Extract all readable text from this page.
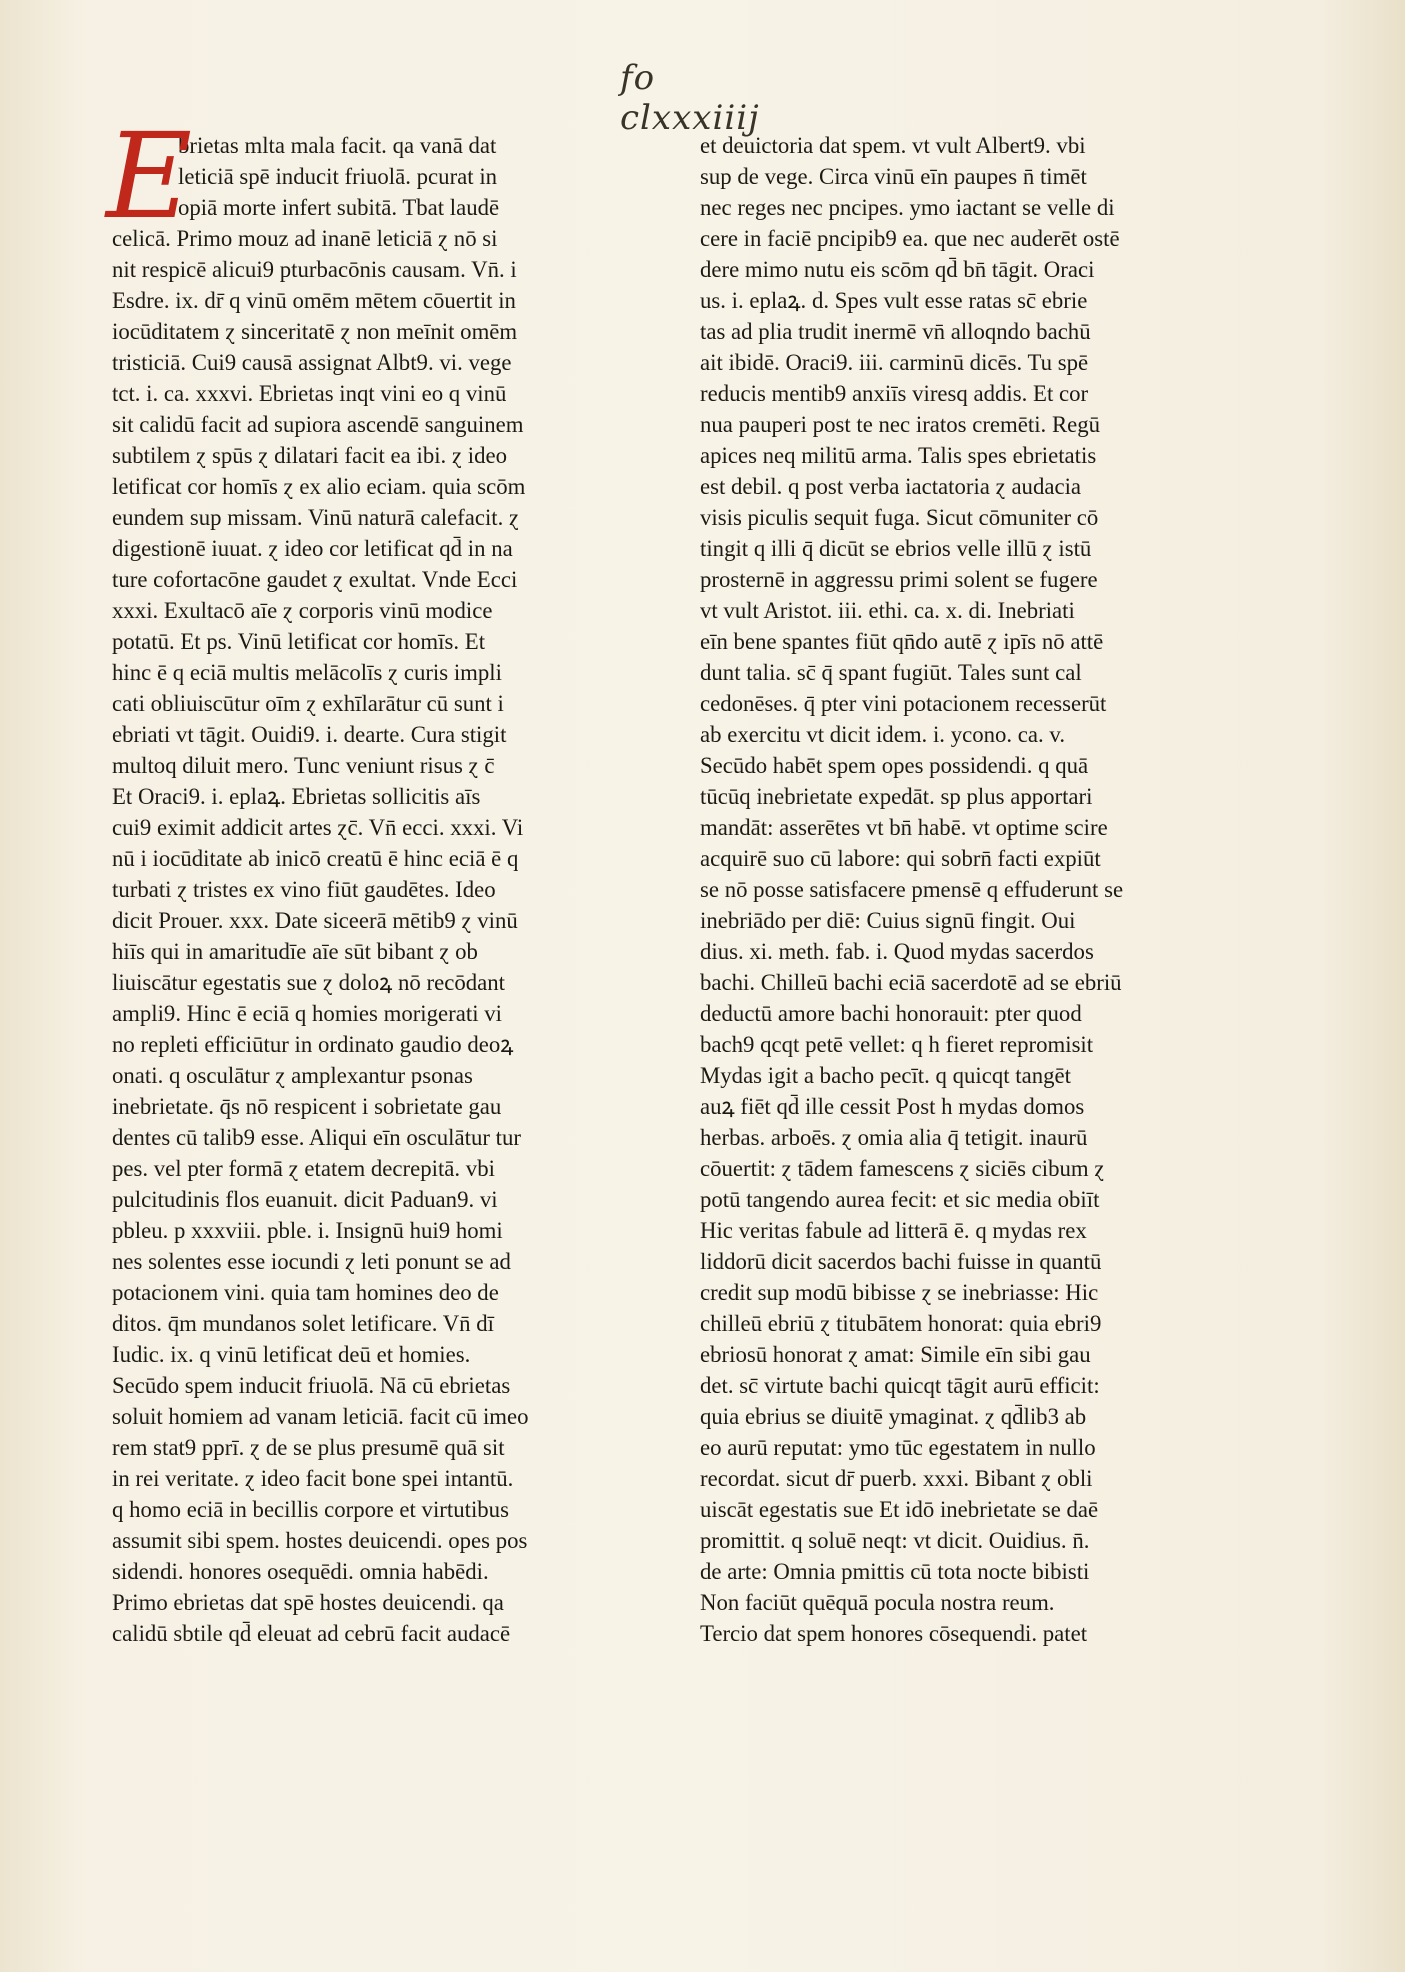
fo clxxxiiij
E
brietas mlta mala facit. qa vanā dat
leticiā spē inducit friuolā. pcurat in
opiā morte infert subitā. Tbat laudē
celicā. Primo mouz ad inanē leticiā ɀ nō si
nit respicē alicui9 pturbacōnis causam. Vn̄. i
Esdre. ix. dr̄ q vinū omēm mētem cōuertit in
iocūditatem ɀ sinceritatē ɀ non meīnit omēm
tristiciā. Cui9 causā assignat Albt9. vi. vege
tct. i. ca. xxxvi. Ebrietas inqt vini eo q vinū
sit calidū facit ad supiora ascendē sanguinem
subtilem ɀ spūs ɀ dilatari facit ea ibi. ɀ ideo
letificat cor homīs ɀ ex alio eciam. quia scōm
eundem sup missam. Vinū naturā calefacit. ɀ
digestionē iuuat. ɀ ideo cor letificat qd̄ in na
ture cofortacōne gaudet ɀ exultat. Vnde Ecci
xxxi. Exultacō aīe ɀ corporis vinū modice
potatū. Et ps. Vinū letificat cor homīs. Et
hinc ē q eciā multis melācolīs ɀ curis impli
cati obliuiscūtur oīm ɀ exhīlarātur cū sunt i
ebriati vt tāgit. Ouidi9. i. dearte. Cura stigit
multoq diluit mero. Tunc veniunt risus ɀ c̄
Et Oraci9. i. eplaꝝ. Ebrietas sollicitis aīs
cui9 eximit addicit artes ɀc̄. Vn̄ ecci. xxxi. Vi
nū i iocūditate ab inicō creatū ē hinc eciā ē q
turbati ɀ tristes ex vino fiūt gaudētes. Ideo
dicit Prouer. xxx. Date siceerā mētib9 ɀ vinū
hiīs qui in amaritudīe aīe sūt bibant ɀ ob
liuiscātur egestatis sue ɀ doloꝝ nō recōdant
ampli9. Hinc ē eciā q homies morigerati vi
no repleti efficiūtur in ordinato gaudio deoꝝ
onati. q osculātur ɀ amplexantur psonas
inebrietate. q̄s nō respicent i sobrietate gau
dentes cū talib9 esse. Aliqui eīn osculātur tur
pes. vel pter formā ɀ etatem decrepitā. vbi
pulcitudinis flos euanuit. dicit Paduan9. vi
pbleu. p xxxviii. pble. i. Insignū hui9 homi
nes solentes esse iocundi ɀ leti ponunt se ad
potacionem vini. quia tam homines deo de
ditos. q̄m mundanos solet letificare. Vn̄ dī
Iudic. ix. q vinū letificat deū et homies.
Secūdo spem inducit friuolā. Nā cū ebrietas
soluit homiem ad vanam leticiā. facit cū imeo
rem stat9 pprī. ɀ de se plus presumē quā sit
in rei veritate. ɀ ideo facit bone spei intantū.
q homo eciā in becillis corpore et virtutibus
assumit sibi spem. hostes deuicendi. opes pos
sidendi. honores osequēdi. omnia habēdi.
Primo ebrietas dat spē hostes deuicendi. qa
calidū sbtile qd̄ eleuat ad cebrū facit audacē
et deuictoria dat spem. vt vult Albert9. vbi
sup de vege. Circa vinū eīn paupes n̄ timēt
nec reges nec pncipes. ymo iactant se velle di
cere in faciē pncipib9 ea. que nec auderēt ostē
dere mimo nutu eis scōm qd̄ bn̄ tāgit. Oraci
us. i. eplaꝝ. d. Spes vult esse ratas sc̄ ebrie
tas ad plia trudit inermē vn̄ alloqndo bachū
ait ibidē. Oraci9. iii. carminū dicēs. Tu spē
reducis mentib9 anxiīs viresq addis. Et cor
nua pauperi post te nec iratos cremēti. Regū
apices neq militū arma. Talis spes ebrietatis
est debil. q post verba iactatoria ɀ audacia
visis piculis sequit fuga. Sicut cōmuniter cō
tingit q illi q̄ dicūt se ebrios velle illū ɀ istū
prosternē in aggressu primi solent se fugere
vt vult Aristot. iii. ethi. ca. x. di. Inebriati
eīn bene spantes fiūt qn̄do autē ɀ ipīs nō attē
dunt talia. sc̄ q̄ spant fugiūt. Tales sunt cal
cedonēses. q̄ pter vini potacionem recesserūt
ab exercitu vt dicit idem. i. ycono. ca. v.
Secūdo habēt spem opes possidendi. q quā
tūcūq inebrietate expedāt. sp plus apportari
mandāt: asserētes vt bn̄ habē. vt optime scire
acquirē suo cū labore: qui sobrn̄ facti expiūt
se nō posse satisfacere pmensē q effuderunt se
inebriādo per diē: Cuius signū fingit. Oui
dius. xi. meth. fab. i. Quod mydas sacerdos
bachi. Chilleū bachi eciā sacerdotē ad se ebriū
deductū amore bachi honorauit: pter quod
bach9 qcqt petē vellet: q h fieret repromisit
Mydas igit a bacho pecīt. q quicqt tangēt
auꝝ fiēt qd̄ ille cessit Post h mydas domos
herbas. arboēs. ɀ omia alia q̄ tetigit. inaurū
cōuertit: ɀ tādem famescens ɀ siciēs cibum ɀ
potū tangendo aurea fecit: et sic media obiīt
Hic veritas fabule ad litterā ē. q mydas rex
liddorū dicit sacerdos bachi fuisse in quantū
credit sup modū bibisse ɀ se inebriasse: Hic
chilleū ebriū ɀ titubātem honorat: quia ebri9
ebriosū honorat ɀ amat: Simile eīn sibi gau
det. sc̄ virtute bachi quicqt tāgit aurū efficit:
quia ebrius se diuitē ymaginat. ɀ qd̄lib3 ab
eo aurū reputat: ymo tūc egestatem in nullo
recordat. sicut dr̄ puerb. xxxi. Bibant ɀ obli
uiscāt egestatis sue Et idō inebrietate se daē
promittit. q soluē neqt: vt dicit. Ouidius. n̄.
de arte: Omnia pmittis cū tota nocte bibisti
Non faciūt quēquā pocula nostra reum.
Tercio dat spem honores cōsequendi. patet
